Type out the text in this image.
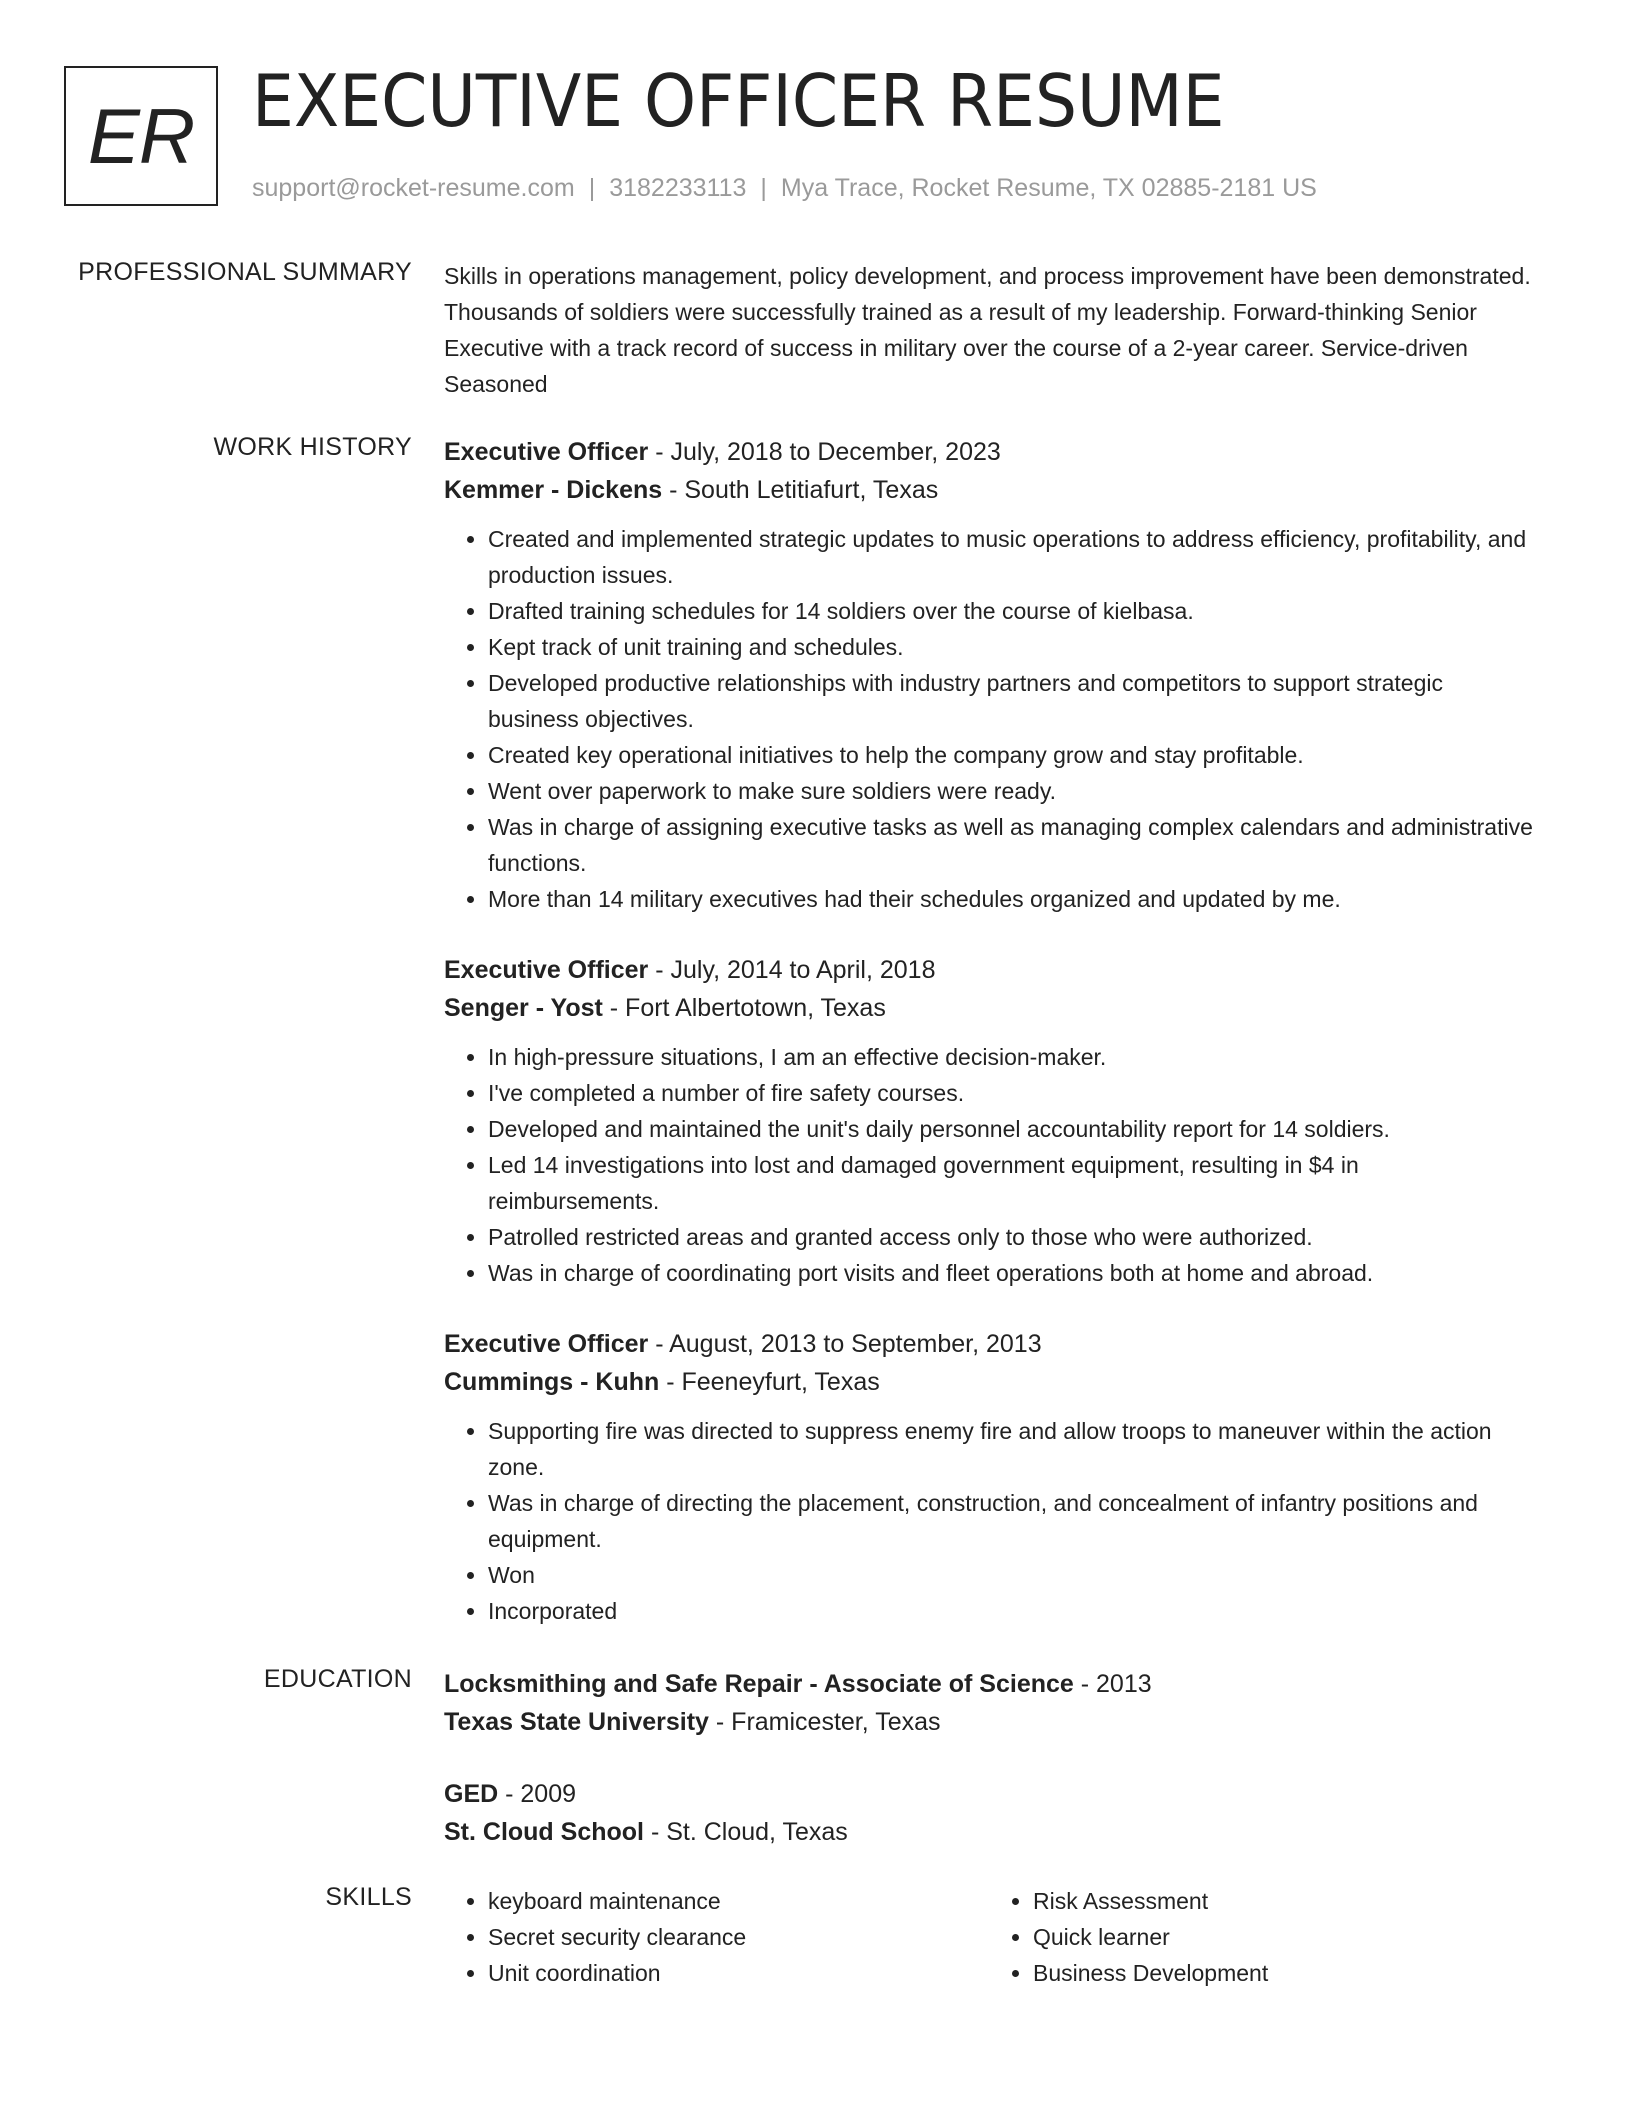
ER EXECUTIVE OFFICER RESUME
support@rocket-resume.com | 3182233113 | Mya Trace, Rocket Resume, TX 02885-2181 US
PROFESSIONAL SUMMARY Skills in operations management, policy development, and process improvement have been demonstrated. Thousands of soldiers were successfully trained as a result of my leadership. Forward-thinking Senior Executive with a track record of success in military over the course of a 2-year career. Service-driven Seasoned

WORK HISTORY Executive Officer - July, 2018 to December, 2023
Kemmer - Dickens - South Letitiafurt, Texas
• Created and implemented strategic updates to music operations to address efficiency, profitability, and production issues.
• Drafted training schedules for 14 soldiers over the course of kielbasa.
• Kept track of unit training and schedules.
• Developed productive relationships with industry partners and competitors to support strategic business objectives.
• Created key operational initiatives to help the company grow and stay profitable.
• Went over paperwork to make sure soldiers were ready.
• Was in charge of assigning executive tasks as well as managing complex calendars and administrative functions.
• More than 14 military executives had their schedules organized and updated by me.
Executive Officer - July, 2014 to April, 2018
Senger - Yost - Fort Albertotown, Texas
• In high-pressure situations, I am an effective decision-maker.
• I've completed a number of fire safety courses.
• Developed and maintained the unit's daily personnel accountability report for 14 soldiers.
• Led 14 investigations into lost and damaged government equipment, resulting in $4 in reimbursements.
• Patrolled restricted areas and granted access only to those who were authorized.
• Was in charge of coordinating port visits and fleet operations both at home and abroad.
Executive Officer - August, 2013 to September, 2013
Cummings - Kuhn - Feeneyfurt, Texas
• Supporting fire was directed to suppress enemy fire and allow troops to maneuver within the action zone.
• Was in charge of directing the placement, construction, and concealment of infantry positions and equipment.
• Won
• Incorporated
EDUCATION Locksmithing and Safe Repair - Associate of Science - 2013
Texas State University - Framicester, Texas
GED - 2009
St. Cloud School - St. Cloud, Texas
SKILLS
•	keyboard maintenance
• Secret security clearance
• Unit coordination
• Risk Assessment
• Quick learner
• Business Development
